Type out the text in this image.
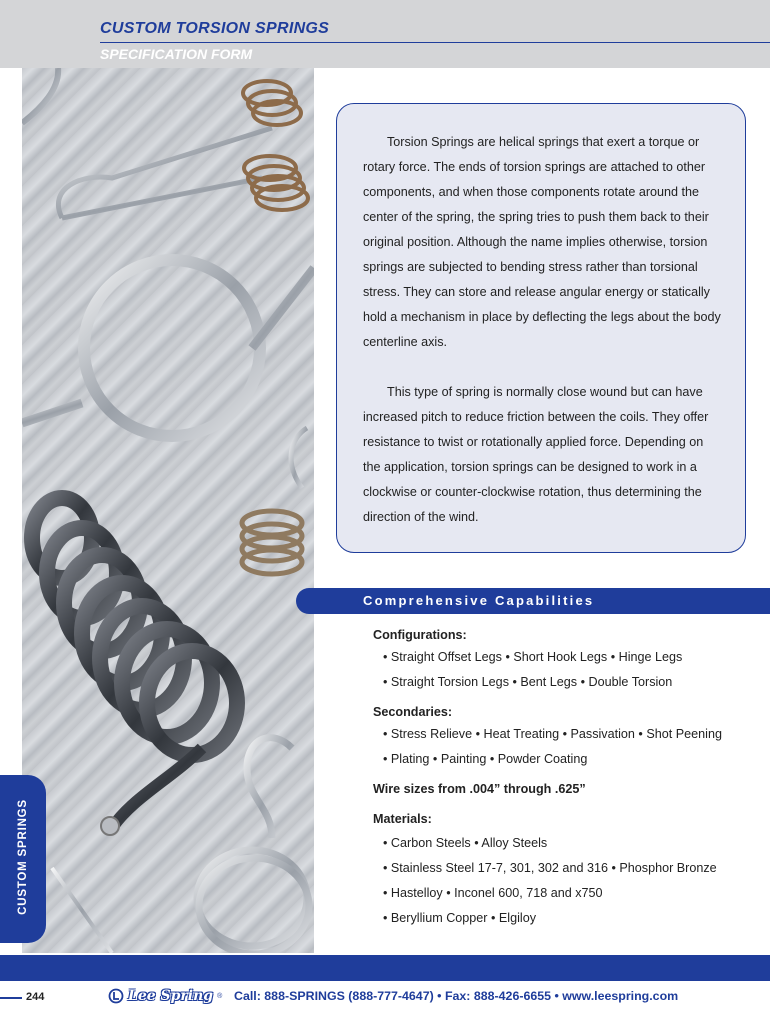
CUSTOM TORSION SPRINGS
SPECIFICATION FORM
CUSTOM SPRINGS

Torsion Springs are helical springs that exert a torque or rotary force. The ends of torsion springs are attached to other components, and when those components rotate around the center of the spring, the spring tries to push them back to their original position. Although the name implies otherwise, torsion springs are subjected to bending stress rather than torsional stress. They can store and release angular energy or statically hold a mechanism in place by deflecting the legs about the body centerline axis.

This type of spring is normally close wound but can have increased pitch to reduce friction between the coils. They offer resistance to twist or rotationally applied force. Depending on the application, torsion springs can be designed to work in a clockwise or counter-clockwise rotation, thus determining the direction of the wind.

Comprehensive Capabilities
Configurations:
• Straight Offset Legs • Short Hook Legs • Hinge Legs
• Straight Torsion Legs • Bent Legs • Double Torsion
Secondaries:
• Stress Relieve • Heat Treating • Passivation • Shot Peening
• Plating • Painting • Powder Coating
Wire sizes from .004” through .625”
Materials:
• Carbon Steels • Alloy Steels
• Stainless Steel 17-7, 301, 302 and 316 • Phosphor Bronze
• Hastelloy • Inconel 600, 718 and x750
• Beryllium Copper • Elgiloy
244	Lee Spring ® Call: 888-SPRINGS (888-777-4647) • Fax: 888-426-6655 • www.leespring.com
